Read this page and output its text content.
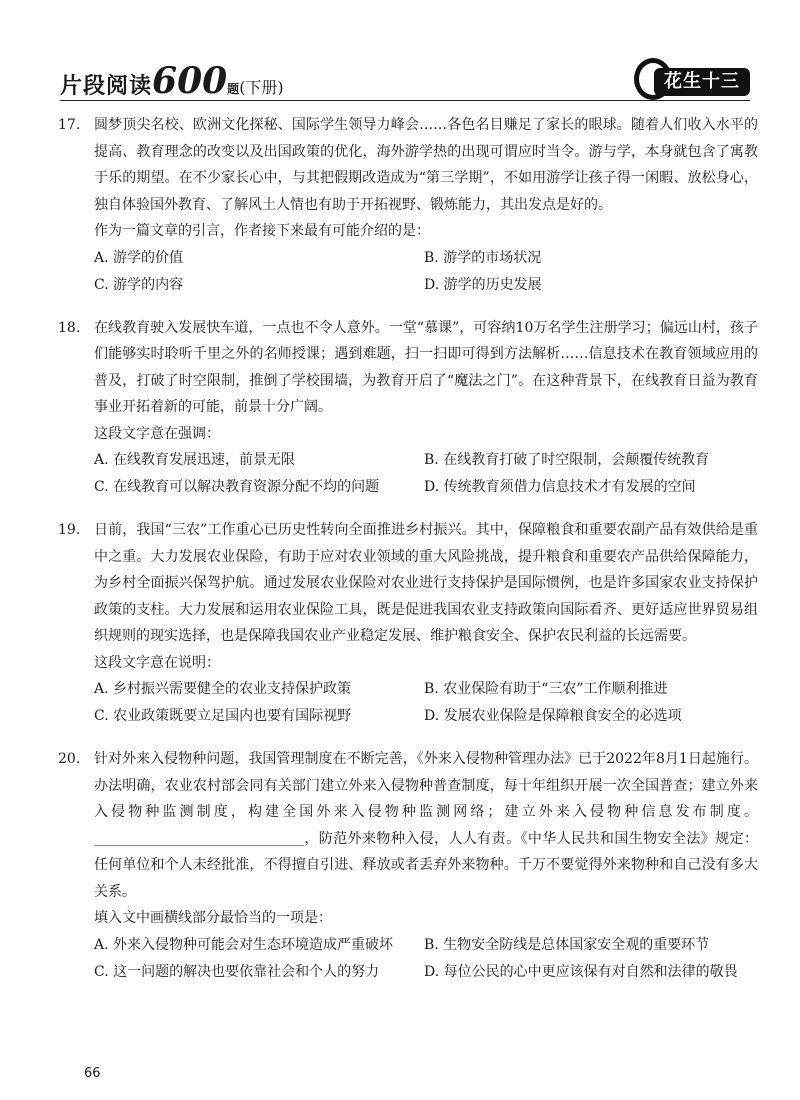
片段阅读600题(下册)	花生十三
17. 圆梦顶尖名校、欧洲文化探秘、国际学生领导力峰会……各色名目赚足了家长的眼球。随着人们收入水平的提高、教育理念的改变以及出国政策的优化，海外游学热的出现可谓应时当令。游与学，本身就包含了寓教于乐的期望。在不少家长心中，与其把假期改造成为“第三学期”，不如用游学让孩子得一闲暇、放松身心，独自体验国外教育、了解风土人情也有助于开拓视野、锻炼能力，其出发点是好的。
作为一篇文章的引言，作者接下来最有可能介绍的是：
A. 游学的价值	B. 游学的市场状况
C. 游学的内容	D. 游学的历史发展
18. 在线教育驶入发展快车道，一点也不令人意外。一堂“慕课”，可容纳10万名学生注册学习；偏远山村，孩子们能够实时聆听千里之外的名师授课；遇到难题，扫一扫即可得到方法解析……信息技术在教育领域应用的普及，打破了时空限制，推倒了学校围墙，为教育开启了“魔法之门”。在这种背景下，在线教育日益为教育事业开拓着新的可能，前景十分广阔。
这段文字意在强调：
A. 在线教育发展迅速，前景无限	B. 在线教育打破了时空限制，会颠覆传统教育
C. 在线教育可以解决教育资源分配不均的问题	D. 传统教育须借力信息技术才有发展的空间
19. 日前，我国“三农”工作重心已历史性转向全面推进乡村振兴。其中，保障粮食和重要农副产品有效供给是重中之重。大力发展农业保险，有助于应对农业领域的重大风险挑战，提升粮食和重要农产品供给保障能力，为乡村全面振兴保驾护航。通过发展农业保险对农业进行支持保护是国际惯例，也是许多国家农业支持保护政策的支柱。大力发展和运用农业保险工具，既是促进我国农业支持政策向国际看齐、更好适应世界贸易组织规则的现实选择，也是保障我国农业产业稳定发展、维护粮食安全、保护农民利益的长远需要。
这段文字意在说明：
A. 乡村振兴需要健全的农业支持保护政策	B. 农业保险有助于“三农”工作顺利推进
C. 农业政策既要立足国内也要有国际视野	D. 发展农业保险是保障粮食安全的必选项
20. 针对外来入侵物种问题，我国管理制度在不断完善，《外来入侵物种管理办法》已于2022年8月1日起施行。办法明确，农业农村部会同有关部门建立外来入侵物种普查制度，每十年组织开展一次全国普查；建立外来入侵物种监测制度，构建全国外来入侵物种监测网络；建立外来入侵物种信息发布制度。______________________________，防范外来物种入侵，人人有责。《中华人民共和国生物安全法》规定：任何单位和个人未经批准，不得擅自引进、释放或者丢弃外来物种。千万不要觉得外来物种和自己没有多大关系。
填入文中画横线部分最恰当的一项是：
A. 外来入侵物种可能会对生态环境造成严重破坏	B. 生物安全防线是总体国家安全观的重要环节
C. 这一问题的解决也要依靠社会和个人的努力	D. 每位公民的心中更应该保有对自然和法律的敬畏
66
